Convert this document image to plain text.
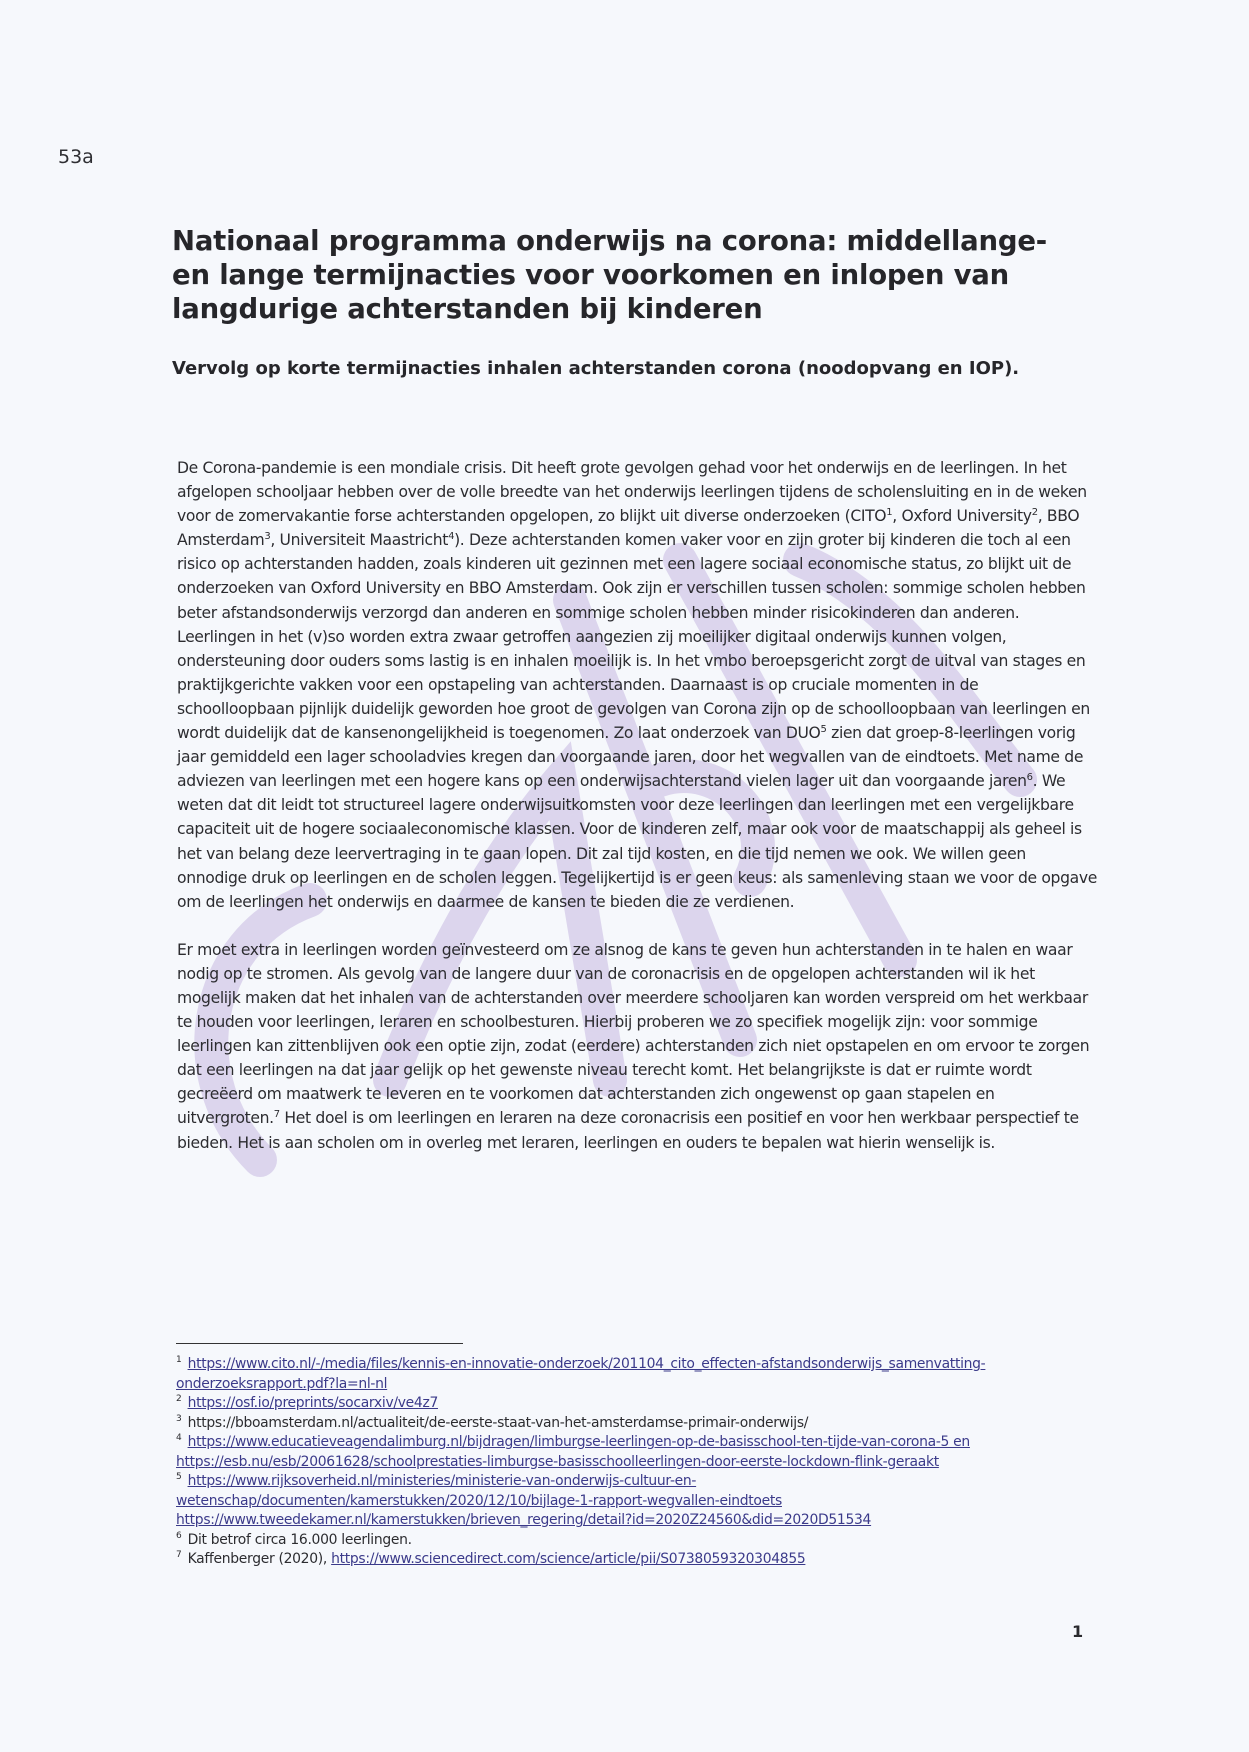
53a
Nationaal programma onderwijs na corona: middellange- en lange termijnacties voor voorkomen en inlopen van langdurige achterstanden bij kinderen
Vervolg op korte termijnacties inhalen achterstanden corona (noodopvang en IOP).

De Corona-pandemie is een mondiale crisis. Dit heeft grote gevolgen gehad voor het onderwijs en de leerlingen. In het afgelopen schooljaar hebben over de volle breedte van het onderwijs leerlingen tijdens de scholensluiting en in de weken voor de zomervakantie forse achterstanden opgelopen, zo blijkt uit diverse onderzoeken (CITO$^1$, Oxford University$^2$, BBO Amsterdam$^3$, Universiteit Maastricht$^4$). Deze achterstanden komen vaker voor en zijn groter bij kinderen die toch al een risico op achterstanden hadden, zoals kinderen uit gezinnen met een lagere sociaal economische status, zo blijkt uit de onderzoeken van Oxford University en BBO Amsterdam. Ook zijn er verschillen tussen scholen: sommige scholen hebben beter afstandsonderwijs verzorgd dan anderen en sommige scholen hebben minder risicokinderen dan anderen. Leerlingen in het (v)so worden extra zwaar getroffen aangezien zij moeilijker digitaal onderwijs kunnen volgen, ondersteuning door ouders soms lastig is en inhalen moeilijk is. In het vmbo beroepsgericht zorgt de uitval van stages en praktijkgerichte vakken voor een opstapeling van achterstanden. Daarnaast is op cruciale momenten in de schoolloopbaan pijnlijk duidelijk geworden hoe groot de gevolgen van Corona zijn op de schoolloopbaan van leerlingen en wordt duidelijk dat de kansenongelijkheid is toegenomen. Zo laat onderzoek van DUO$^5$ zien dat groep-8-leerlingen vorig jaar gemiddeld een lager schooladvies kregen dan voorgaande jaren, door het wegvallen van de eindtoets. Met name de adviezen van leerlingen met een hogere kans op een onderwijsachterstand vielen lager uit dan voorgaande jaren$^6$. We weten dat dit leidt tot structureel lagere onderwijsuitkomsten voor deze leerlingen dan leerlingen met een vergelijkbare capaciteit uit de hogere sociaaleconomische klassen. Voor de kinderen zelf, maar ook voor de maatschappij als geheel is het van belang deze leervertraging in te gaan lopen. Dit zal tijd kosten, en die tijd nemen we ook. We willen geen onnodige druk op leerlingen en de scholen leggen. Tegelijkertijd is er geen keus: als samenleving staan we voor de opgave om de leerlingen het onderwijs en daarmee de kansen te bieden die ze verdienen.

Er moet extra in leerlingen worden geïnvesteerd om ze alsnog de kans te geven hun achterstanden in te halen en waar nodig op te stromen. Als gevolg van de langere duur van de coronacrisis en de opgelopen achterstanden wil ik het mogelijk maken dat het inhalen van de achterstanden over meerdere schooljaren kan worden verspreid om het werkbaar te houden voor leerlingen, leraren en schoolbesturen. Hierbij proberen we zo specifiek mogelijk zijn: voor sommige leerlingen kan zittenblijven ook een optie zijn, zodat (eerdere) achterstanden zich niet opstapelen en om ervoor te zorgen dat een leerlingen na dat jaar gelijk op het gewenste niveau terecht komt. Het belangrijkste is dat er ruimte wordt gecreëerd om maatwerk te leveren en te voorkomen dat achterstanden zich ongewenst op gaan stapelen en uitvergroten.$^7$ Het doel is om leerlingen en leraren na deze coronacrisis een positief en voor hen werkbaar perspectief te bieden. Het is aan scholen om in overleg met leraren, leerlingen en ouders te bepalen wat hierin wenselijk is.

$^1$ https://www.cito.nl/-/media/files/kennis-en-innovatie-onderzoek/201104_cito_effecten-afstandsonderwijs_samenvatting-onderzoeksrapport.pdf?la=nl-nl
$^2$ https://osf.io/preprints/socarxiv/ve4z7
$^3$ https://bboamsterdam.nl/actualiteit/de-eerste-staat-van-het-amsterdamse-primair-onderwijs/
$^4$ https://www.educatieveagendalimburg.nl/bijdragen/limburgse-leerlingen-op-de-basisschool-ten-tijde-van-corona-5 en https://esb.nu/esb/20061628/schoolprestaties-limburgse-basisschoolleerlingen-door-eerste-lockdown-flink-geraakt
$^5$ https://www.rijksoverheid.nl/ministeries/ministerie-van-onderwijs-cultuur-en-wetenschap/documenten/kamerstukken/2020/12/10/bijlage-1-rapport-wegvallen-eindtoets
https://www.tweedekamer.nl/kamerstukken/brieven_regering/detail?id=2020Z24560&did=2020D51534
$^6$ Dit betrof circa 16.000 leerlingen.
$^7$ Kaffenberger (2020), https://www.sciencedirect.com/science/article/pii/S0738059320304855
1
